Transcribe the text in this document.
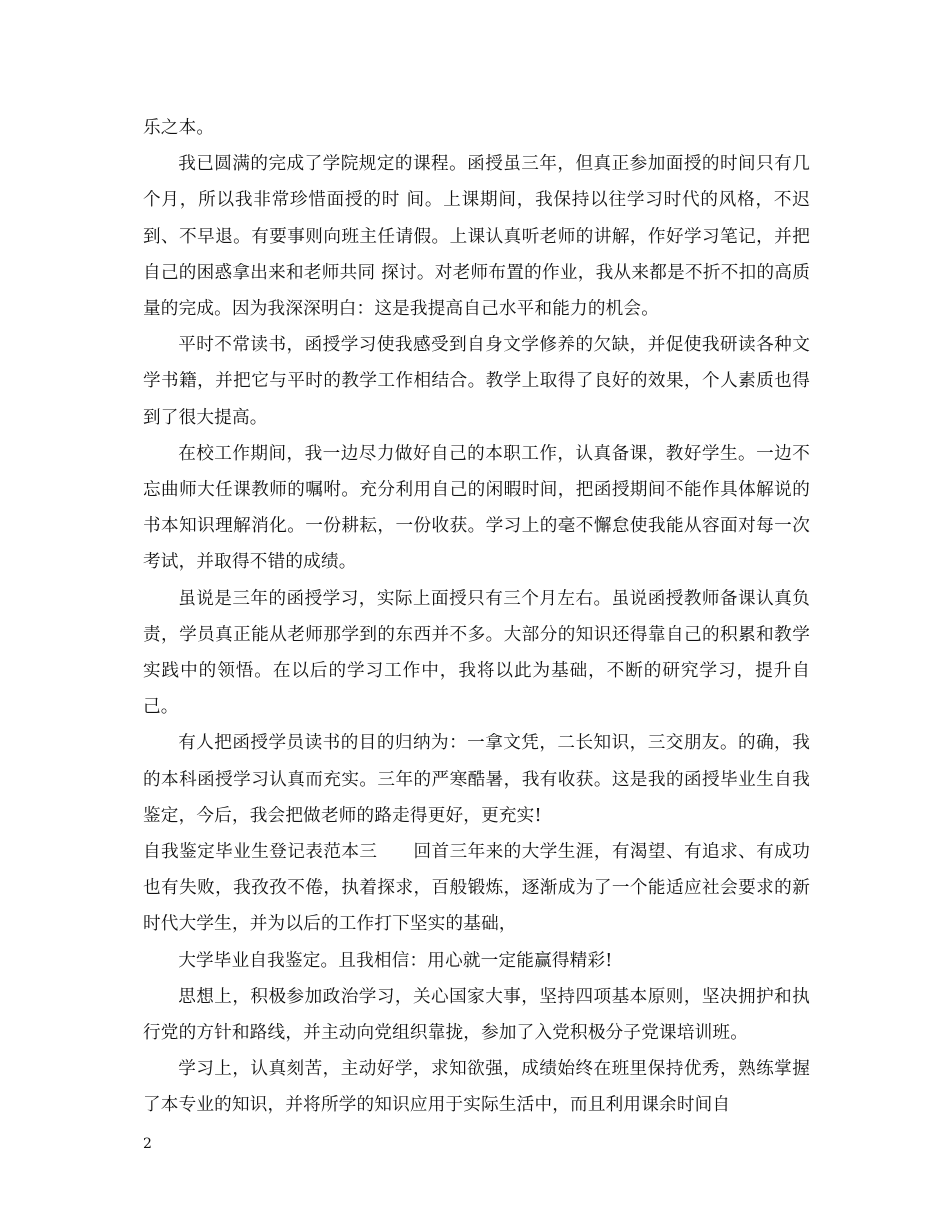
乐之本。

我已圆满的完成了学院规定的课程。函授虽三年，但真正参加面授的时间只有几个月，所以我非常珍惜面授的时 间。上课期间，我保持以往学习时代的风格，不迟到、不早退。有要事则向班主任请假。上课认真听老师的讲解，作好学习笔记，并把自己的困惑拿出来和老师共同 探讨。对老师布置的作业，我从来都是不折不扣的高质量的完成。因为我深深明白：这是我提高自己水平和能力的机会。

平时不常读书，函授学习使我感受到自身文学修养的欠缺，并促使我研读各种文学书籍，并把它与平时的教学工作相结合。教学上取得了良好的效果，个人素质也得到了很大提高。

在校工作期间，我一边尽力做好自己的本职工作，认真备课，教好学生。一边不忘曲师大任课教师的嘱咐。充分利用自己的闲暇时间，把函授期间不能作具体解说的书本知识理解消化。一份耕耘，一份收获。学习上的毫不懈怠使我能从容面对每一次考试，并取得不错的成绩。

虽说是三年的函授学习，实际上面授只有三个月左右。虽说函授教师备课认真负责，学员真正能从老师那学到的东西并不多。大部分的知识还得靠自己的积累和教学实践中的领悟。在以后的学习工作中，我将以此为基础，不断的研究学习，提升自己。

有人把函授学员读书的目的归纳为：一拿文凭，二长知识，三交朋友。的确，我的本科函授学习认真而充实。三年的严寒酷暑，我有收获。这是我的函授毕业生自我鉴定，今后，我会把做老师的路走得更好，更充实!

自我鉴定毕业生登记表范本三　　回首三年来的大学生涯，有渴望、有追求、有成功也有失败，我孜孜不倦，执着探求，百般锻炼，逐渐成为了一个能适应社会要求的新时代大学生，并为以后的工作打下坚实的基础，

大学毕业自我鉴定。且我相信：用心就一定能赢得精彩!

思想上，积极参加政治学习，关心国家大事，坚持四项基本原则，坚决拥护和执行党的方针和路线，并主动向党组织靠拢，参加了入党积极分子党课培训班。

学习上，认真刻苦，主动好学，求知欲强，成绩始终在班里保持优秀，熟练掌握了本专业的知识，并将所学的知识应用于实际生活中，而且利用课余时间自

2
